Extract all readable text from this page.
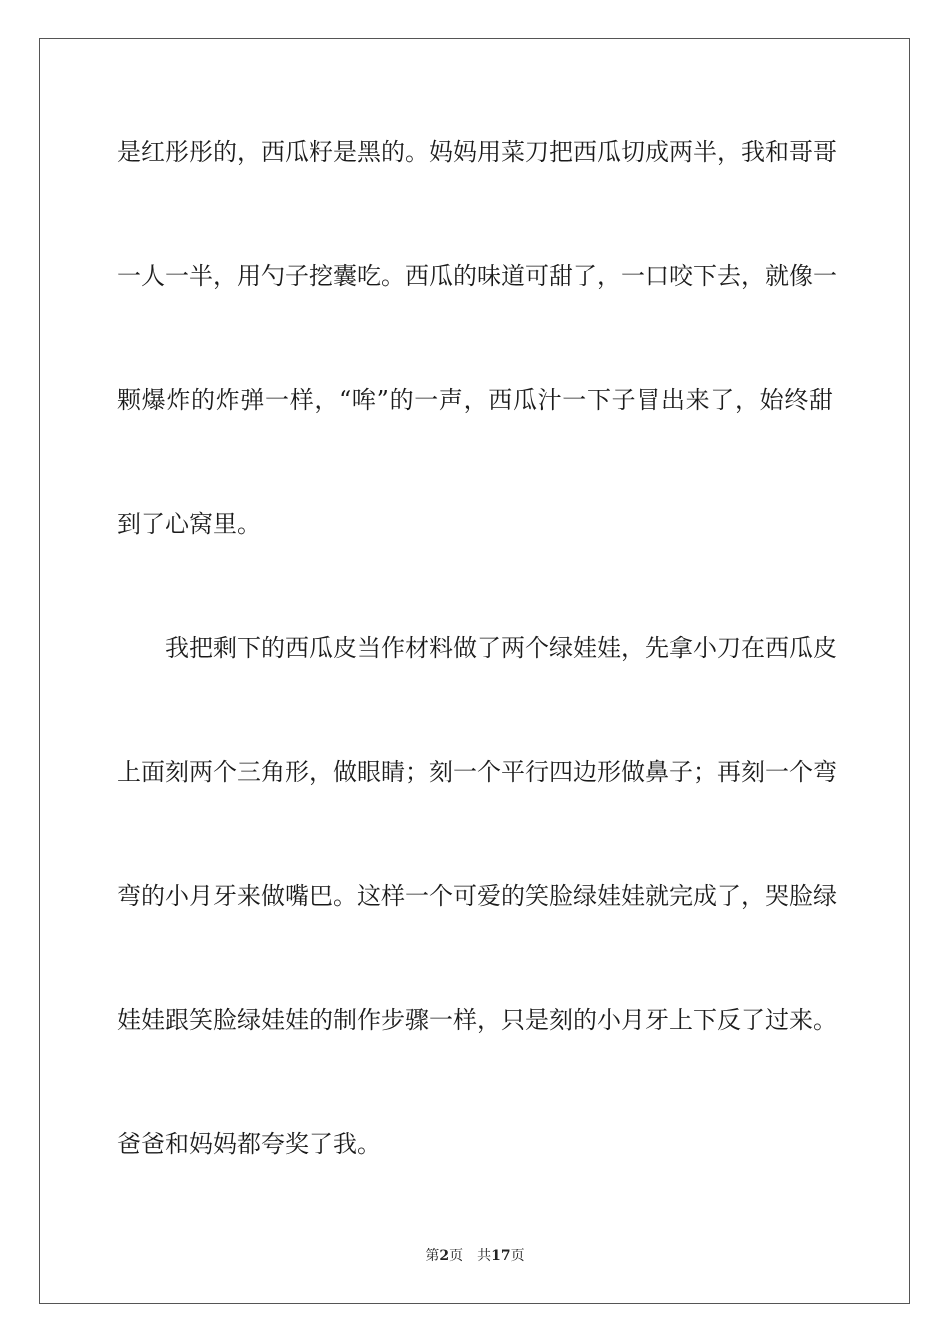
是红彤彤的，西瓜籽是黑的。妈妈用菜刀把西瓜切成两半，我和哥哥
一人一半，用勺子挖囊吃。西瓜的味道可甜了，一口咬下去，就像一
颗爆炸的炸弹一样，“哞”的一声，西瓜汁一下子冒出来了，始终甜
到了心窝里。
我把剩下的西瓜皮当作材料做了两个绿娃娃，先拿小刀在西瓜皮
上面刻两个三角形，做眼睛；刻一个平行四边形做鼻子；再刻一个弯
弯的小月牙来做嘴巴。这样一个可爱的笑脸绿娃娃就完成了，哭脸绿
娃娃跟笑脸绿娃娃的制作步骤一样，只是刻的小月牙上下反了过来。
爸爸和妈妈都夸奖了我。
第2页 共17页
